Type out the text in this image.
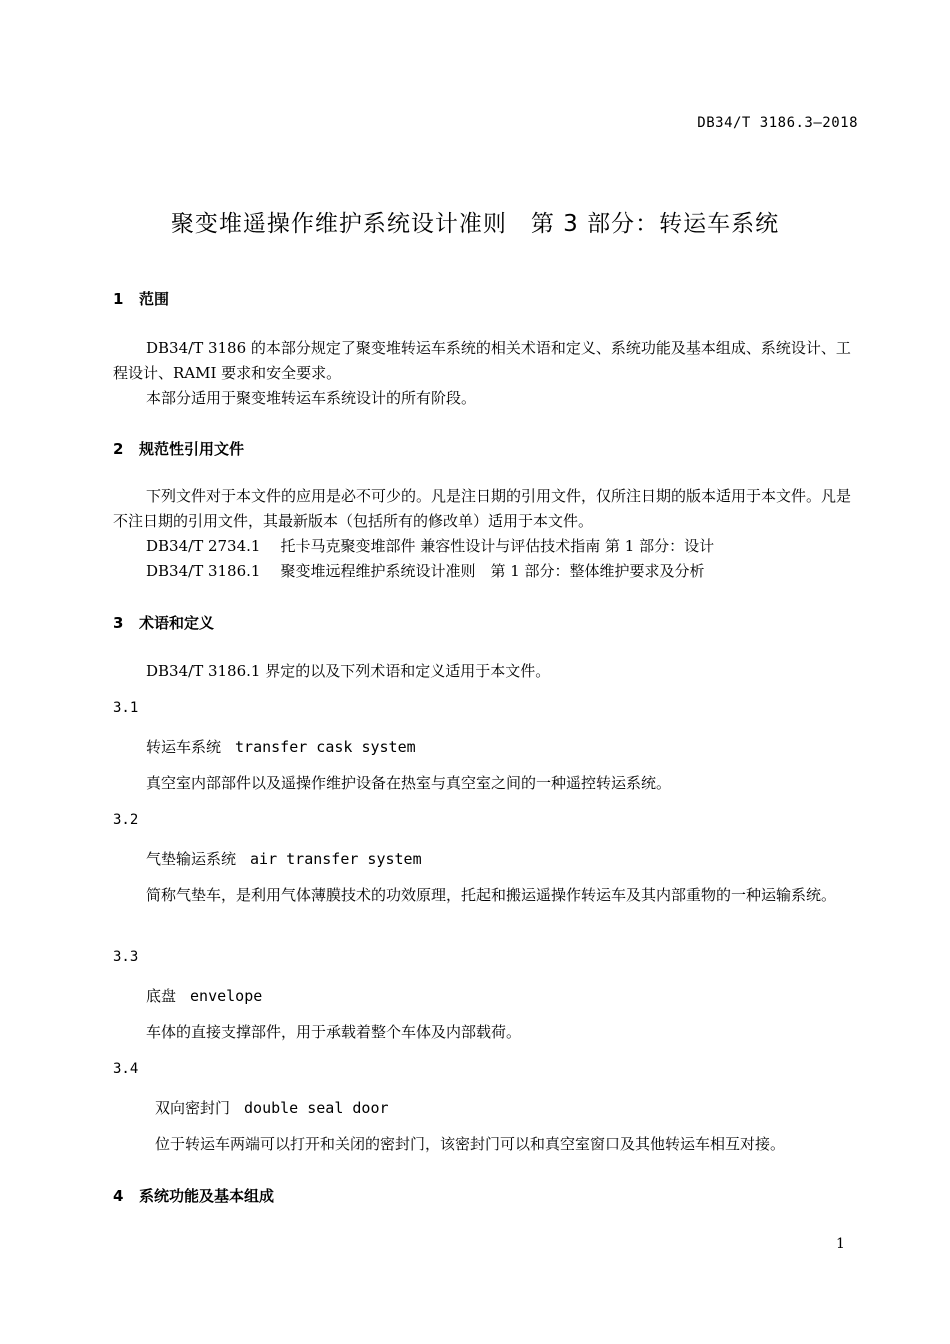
DB34/T 3186.3—2018
聚变堆遥操作维护系统设计准则　第 3 部分：转运车系统
1 范围
DB34/T 3186 的本部分规定了聚变堆转运车系统的相关术语和定义、系统功能及基本组成、系统设计、工程设计、RAMI 要求和安全要求。
本部分适用于聚变堆转运车系统设计的所有阶段。
2 规范性引用文件
下列文件对于本文件的应用是必不可少的。凡是注日期的引用文件，仅所注日期的版本适用于本文件。凡是不注日期的引用文件，其最新版本（包括所有的修改单）适用于本文件。
DB34/T 2734.1 托卡马克聚变堆部件 兼容性设计与评估技术指南 第 1 部分：设计
DB34/T 3186.1 聚变堆远程维护系统设计准则　第 1 部分：整体维护要求及分析
3 术语和定义
DB34/T 3186.1 界定的以及下列术语和定义适用于本文件。
3.1
转运车系统 transfer cask system
真空室内部部件以及遥操作维护设备在热室与真空室之间的一种遥控转运系统。
3.2
气垫输运系统 air transfer system
简称气垫车，是利用气体薄膜技术的功效原理，托起和搬运遥操作转运车及其内部重物的一种运输系统。
3.3
底盘 envelope
车体的直接支撑部件，用于承载着整个车体及内部载荷。
3.4
双向密封门 double seal door
位于转运车两端可以打开和关闭的密封门，该密封门可以和真空室窗口及其他转运车相互对接。
4 系统功能及基本组成
1
